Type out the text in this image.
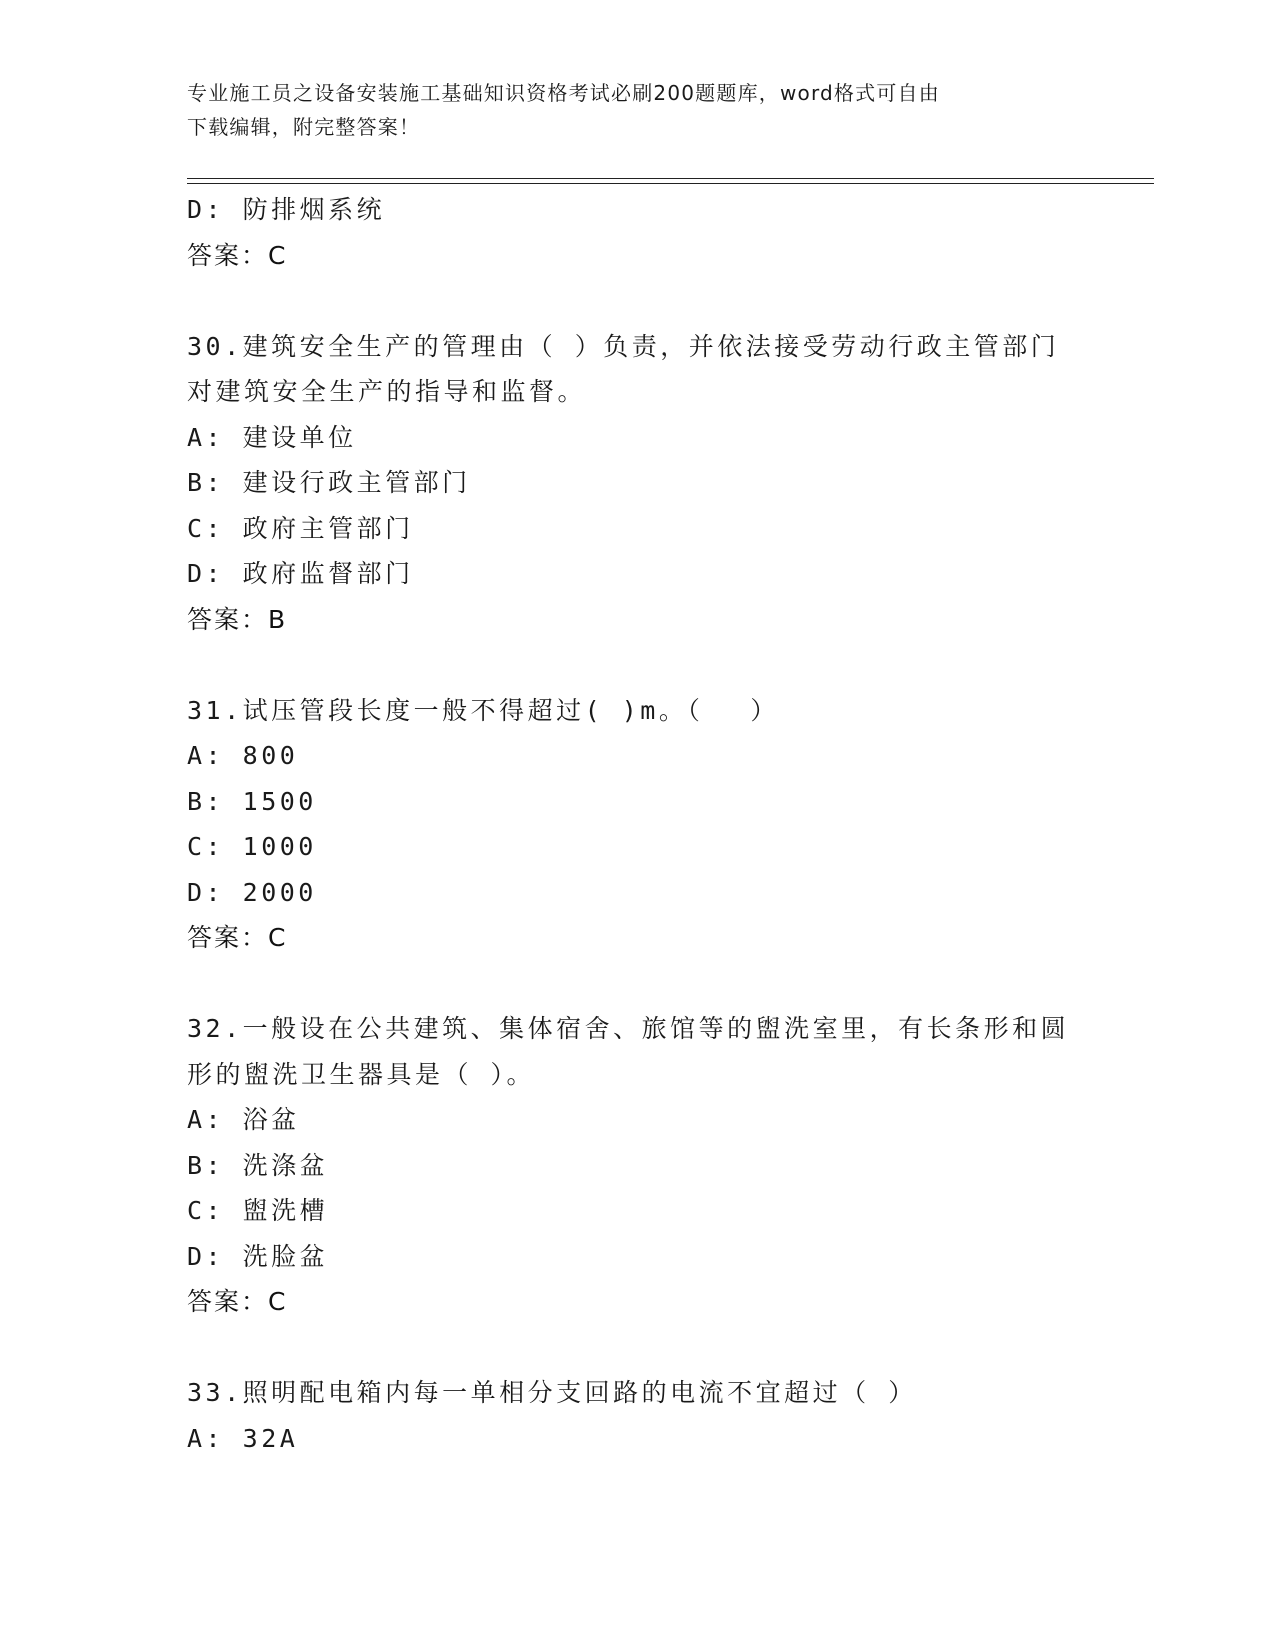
专业施工员之设备安装施工基础知识资格考试必刷200题题库，word格式可自由
下载编辑，附完整答案！
D: 防排烟系统
答案：C
30.建筑安全生产的管理由（ ）负责，并依法接受劳动行政主管部门
对建筑安全生产的指导和监督。
A: 建设单位
B: 建设行政主管部门
C: 政府主管部门
D: 政府监督部门
答案：B
31.试压管段长度一般不得超过( )m。（　 ）
A: 800
B: 1500
C: 1000
D: 2000
答案：C
32.一般设在公共建筑、集体宿舍、旅馆等的盥洗室里，有长条形和圆
形的盥洗卫生器具是（ ）。
A: 浴盆
B: 洗涤盆
C: 盥洗槽
D: 洗脸盆
答案：C
33.照明配电箱内每一单相分支回路的电流不宜超过（ ）
A: 32A
